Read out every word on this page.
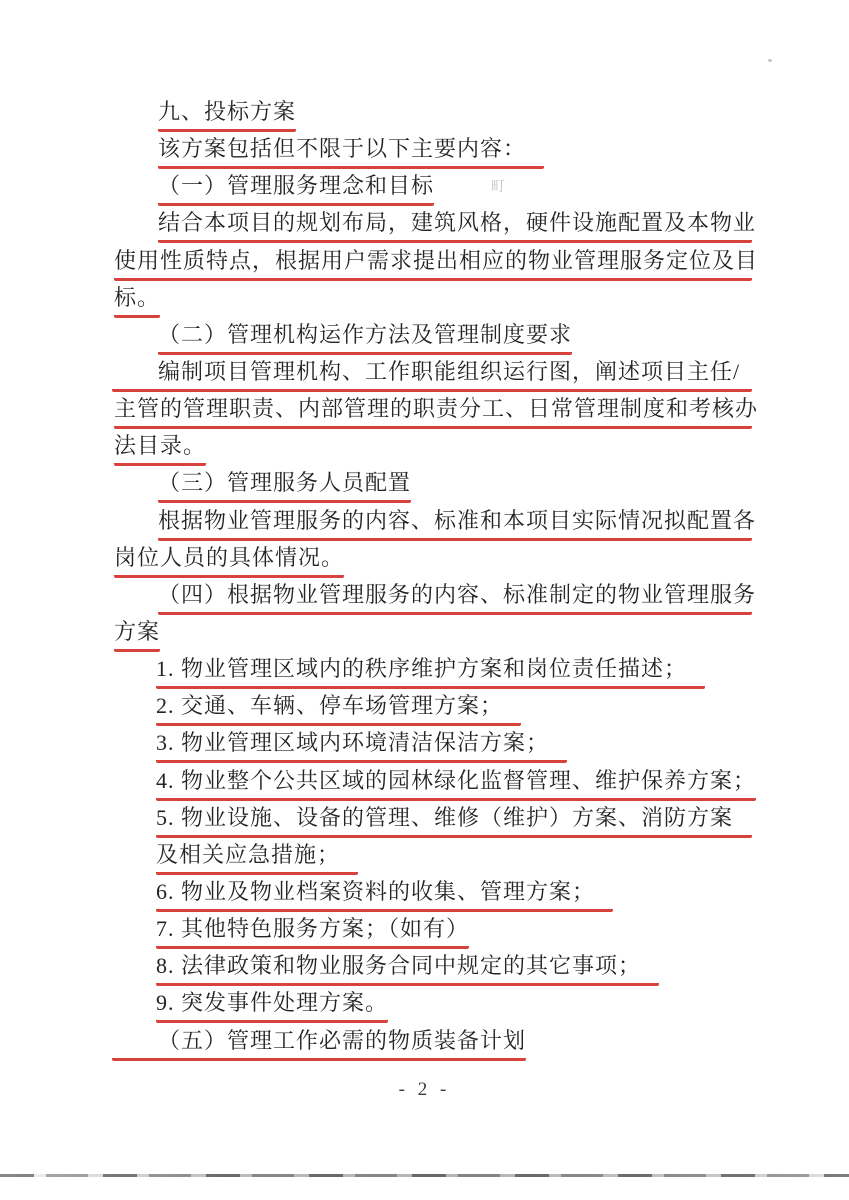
九、投标方案
该方案包括但不限于以下主要内容：
（一）管理服务理念和目标
结合本项目的规划布局，建筑风格，硬件设施配置及本物业
使用性质特点，根据用户需求提出相应的物业管理服务定位及目
标。
（二）管理机构运作方法及管理制度要求
编制项目管理机构、工作职能组织运行图，阐述项目主任/
主管的管理职责、内部管理的职责分工、日常管理制度和考核办
法目录。
（三）管理服务人员配置
根据物业管理服务的内容、标准和本项目实际情况拟配置各
岗位人员的具体情况。
（四）根据物业管理服务的内容、标准制定的物业管理服务
方案
1. 物业管理区域内的秩序维护方案和岗位责任描述；
2. 交通、车辆、停车场管理方案；
3. 物业管理区域内环境清洁保洁方案；
4. 物业整个公共区域的园林绿化监督管理、维护保养方案；
5. 物业设施、设备的管理、维修（维护）方案、消防方案
及相关应急措施；
6. 物业及物业档案资料的收集、管理方案；
7. 其他特色服务方案；（如有）
8. 法律政策和物业服务合同中规定的其它事项；
9. 突发事件处理方案。
（五）管理工作必需的物质装备计划
町
- 2 -
